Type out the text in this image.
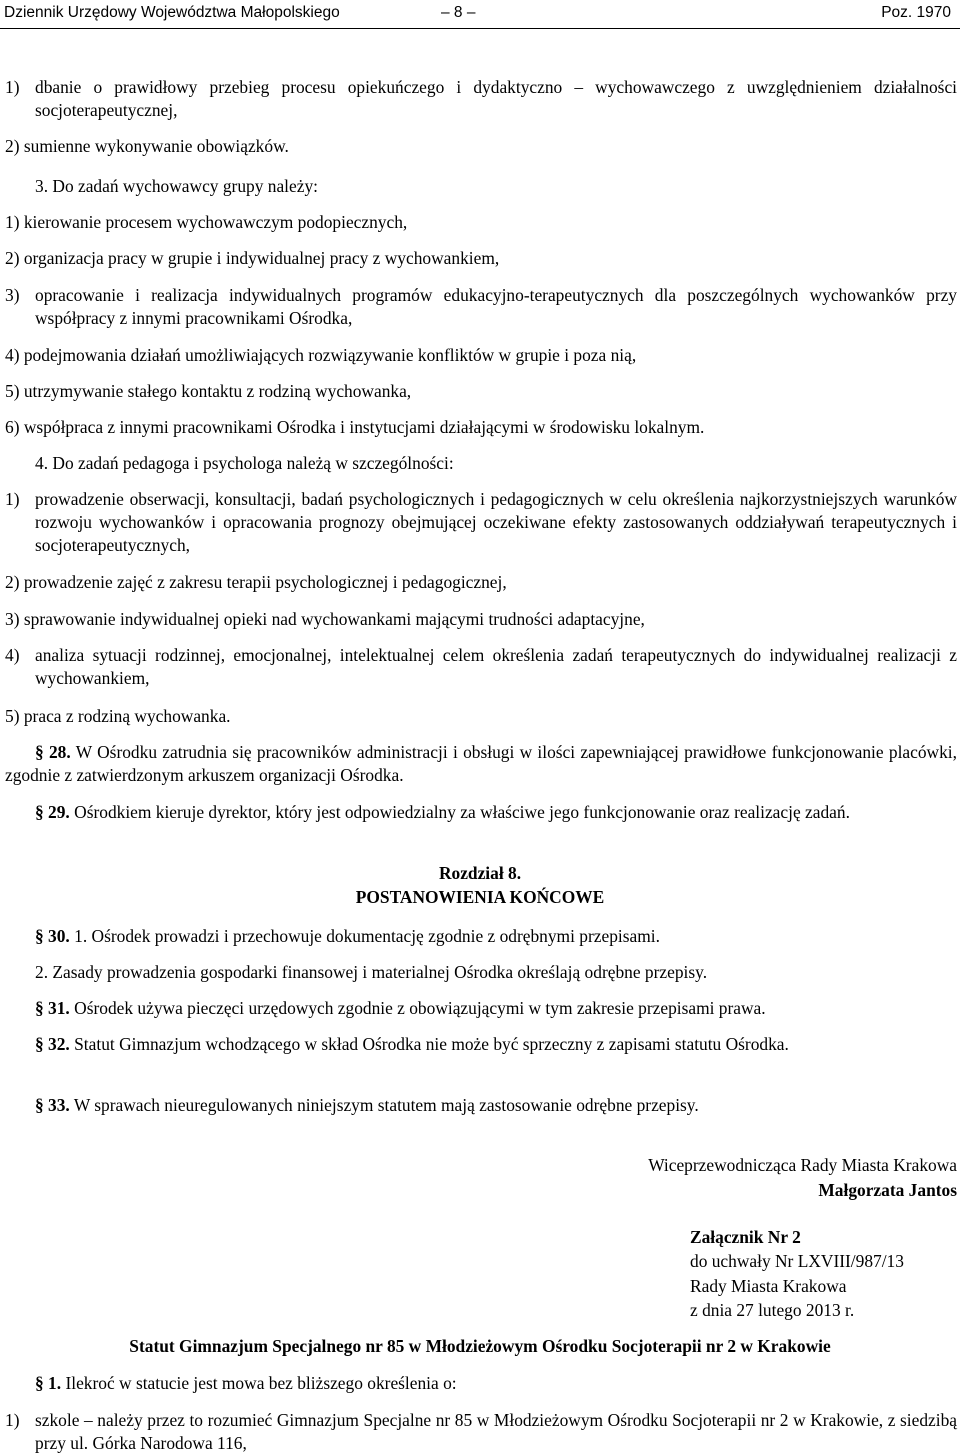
Dziennik Urzędowy Województwa Małopolskiego	– 8 –	Poz. 1970
1) dbanie o prawidłowy przebieg procesu opiekuńczego i dydaktyczno – wychowawczego z uwzględnieniem działalności socjoterapeutycznej,
2) sumienne wykonywanie obowiązków.
3. Do zadań wychowawcy grupy należy:
1) kierowanie procesem wychowawczym podopiecznych,
2) organizacja pracy w grupie i indywidualnej pracy z wychowankiem,
3) opracowanie i realizacja indywidualnych programów edukacyjno-terapeutycznych dla poszczególnych wychowanków przy współpracy z innymi pracownikami Ośrodka,
4) podejmowania działań umożliwiających rozwiązywanie konfliktów w grupie i poza nią,
5) utrzymywanie stałego kontaktu z rodziną wychowanka,
6) współpraca z innymi pracownikami Ośrodka i instytucjami działającymi w środowisku lokalnym.
4. Do zadań pedagoga i psychologa należą w szczególności:
1) prowadzenie obserwacji, konsultacji, badań psychologicznych i pedagogicznych w celu określenia najkorzystniejszych warunków rozwoju wychowanków i opracowania prognozy obejmującej oczekiwane efekty zastosowanych oddziaływań terapeutycznych i socjoterapeutycznych,
2) prowadzenie zajęć z zakresu terapii psychologicznej i pedagogicznej,
3) sprawowanie indywidualnej opieki nad wychowankami mającymi trudności adaptacyjne,
4) analiza sytuacji rodzinnej, emocjonalnej, intelektualnej celem określenia zadań terapeutycznych do indywidualnej realizacji z wychowankiem,
5) praca z rodziną wychowanka.
§ 28. W Ośrodku zatrudnia się pracowników administracji i obsługi w ilości zapewniającej prawidłowe funkcjonowanie placówki, zgodnie z zatwierdzonym arkuszem organizacji Ośrodka.
§ 29. Ośrodkiem kieruje dyrektor, który jest odpowiedzialny za właściwe jego funkcjonowanie oraz realizację zadań.
Rozdział 8.
POSTANOWIENIA KOŃCOWE
§ 30. 1. Ośrodek prowadzi i przechowuje dokumentację zgodnie z odrębnymi przepisami.
2. Zasady prowadzenia gospodarki finansowej i materialnej Ośrodka określają odrębne przepisy.
§ 31. Ośrodek używa pieczęci urzędowych zgodnie z obowiązującymi w tym zakresie przepisami prawa.
§ 32. Statut Gimnazjum wchodzącego w skład Ośrodka nie może być sprzeczny z zapisami statutu Ośrodka.
§ 33. W sprawach nieuregulowanych niniejszym statutem mają zastosowanie odrębne przepisy.
Wiceprzewodnicząca Rady Miasta Krakowa
Małgorzata Jantos
Załącznik Nr 2
do uchwały Nr LXVIII/987/13
Rady Miasta Krakowa
z dnia 27 lutego 2013 r.
Statut Gimnazjum Specjalnego nr 85 w Młodzieżowym Ośrodku Socjoterapii nr 2 w Krakowie
§ 1. Ilekroć w statucie jest mowa bez bliższego określenia o:
1) szkole – należy przez to rozumieć Gimnazjum Specjalne nr 85 w Młodzieżowym Ośrodku Socjoterapii nr 2 w Krakowie, z siedzibą przy ul. Górka Narodowa 116,
